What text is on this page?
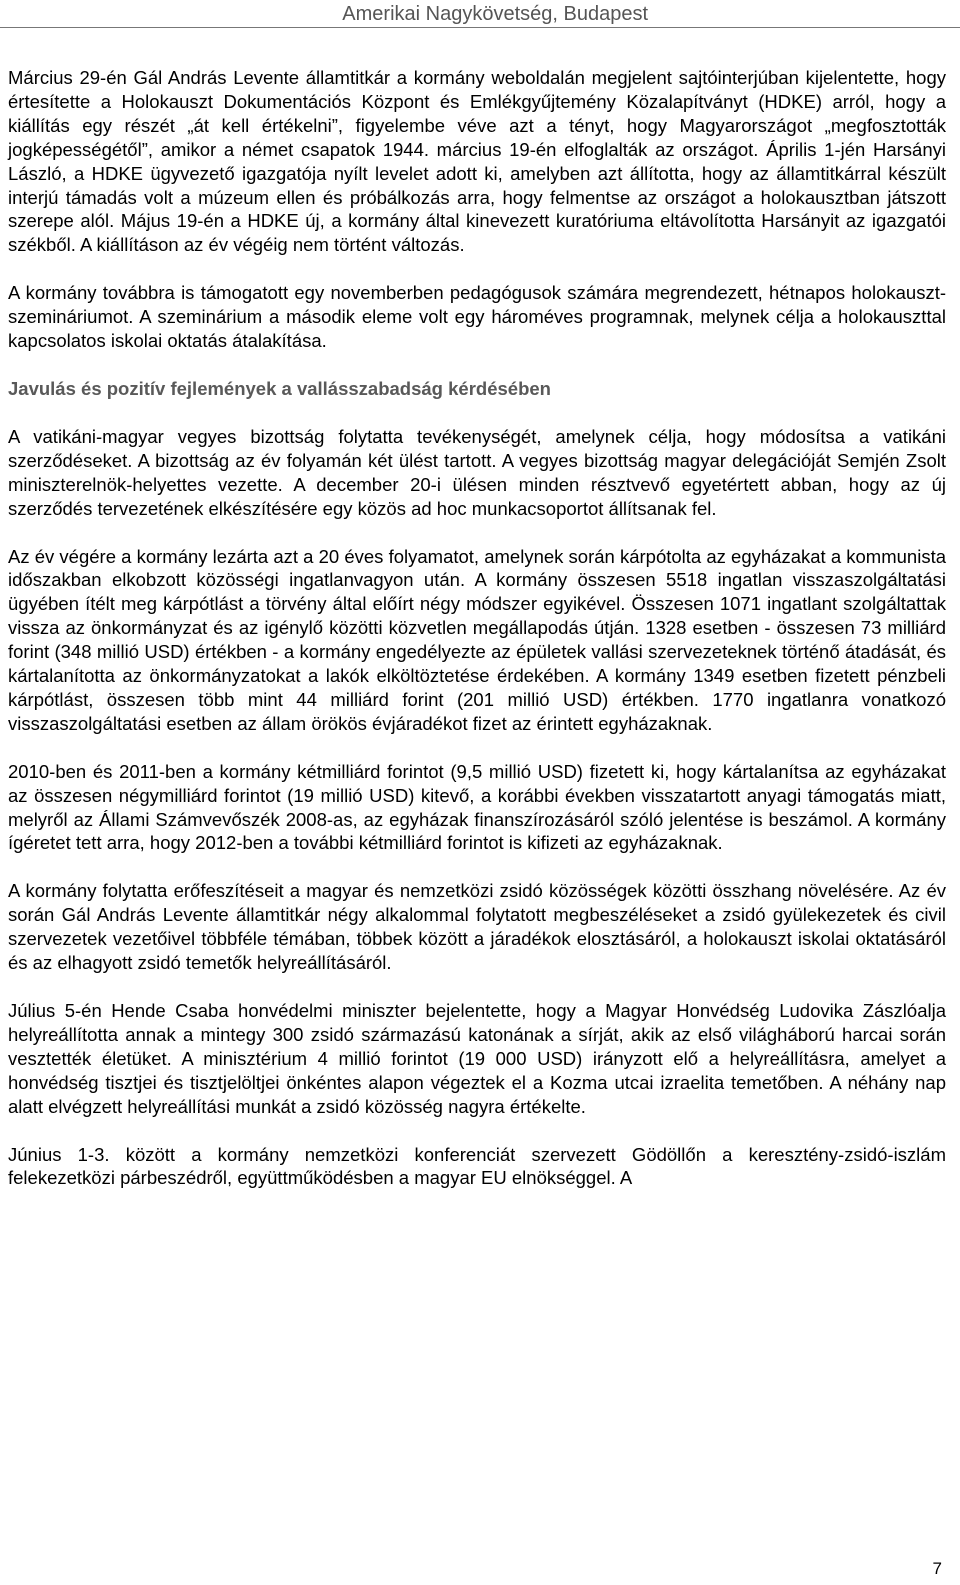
Amerikai Nagykövetség, Budapest

Március 29-én Gál András Levente államtitkár a kormány weboldalán megjelent sajtóinterjúban kijelentette, hogy értesítette a Holokauszt Dokumentációs Központ és Emlékgyűjtemény Közalapítványt (HDKE) arról, hogy a kiállítás egy részét „át kell értékelni”, figyelembe véve azt a tényt, hogy Magyarországot „megfosztották jogképességétől”, amikor a német csapatok 1944. március 19-én elfoglalták az országot. Április 1-jén Harsányi László, a HDKE ügyvezető igazgatója nyílt levelet adott ki, amelyben azt állította, hogy az államtitkárral készült interjú támadás volt a múzeum ellen és próbálkozás arra, hogy felmentse az országot a holokausztban játszott szerepe alól. Május 19-én a HDKE új, a kormány által kinevezett kuratóriuma eltávolította Harsányit az igazgatói székből. A kiállításon az év végéig nem történt változás.

A kormány továbbra is támogatott egy novemberben pedagógusok számára megrendezett, hétnapos holokauszt-szemináriumot. A szeminárium a második eleme volt egy hároméves programnak, melynek célja a holokauszttal kapcsolatos iskolai oktatás átalakítása.

Javulás és pozitív fejlemények a vallásszabadság kérdésében

A vatikáni-magyar vegyes bizottság folytatta tevékenységét, amelynek célja, hogy módosítsa a vatikáni szerződéseket. A bizottság az év folyamán két ülést tartott. A vegyes bizottság magyar delegációját Semjén Zsolt miniszterelnök-helyettes vezette. A december 20-i ülésen minden résztvevő egyetértett abban, hogy az új szerződés tervezetének elkészítésére egy közös ad hoc munkacsoportot állítsanak fel.

Az év végére a kormány lezárta azt a 20 éves folyamatot, amelynek során kárpótolta az egyházakat a kommunista időszakban elkobzott közösségi ingatlanvagyon után. A kormány összesen 5518 ingatlan visszaszolgáltatási ügyében ítélt meg kárpótlást a törvény által előírt négy módszer egyikével. Összesen 1071 ingatlant szolgáltattak vissza az önkormányzat és az igénylő közötti közvetlen megállapodás útján. 1328 esetben - összesen 73 milliárd forint (348 millió USD) értékben - a kormány engedélyezte az épületek vallási szervezeteknek történő átadását, és kártalanította az önkormányzatokat a lakók elköltöztetése érdekében. A kormány 1349 esetben fizetett pénzbeli kárpótlást, összesen több mint 44 milliárd forint (201 millió USD) értékben. 1770 ingatlanra vonatkozó visszaszolgáltatási esetben az állam örökös évjáradékot fizet az érintett egyházaknak.

2010-ben és 2011-ben a kormány kétmilliárd forintot (9,5 millió USD) fizetett ki, hogy kártalanítsa az egyházakat az összesen négymilliárd forintot (19 millió USD) kitevő, a korábbi években visszatartott anyagi támogatás miatt, melyről az Állami Számvevőszék 2008-as, az egyházak finanszírozásáról szóló jelentése is beszámol. A kormány ígéretet tett arra, hogy 2012-ben a további kétmilliárd forintot is kifizeti az egyházaknak.

A kormány folytatta erőfeszítéseit a magyar és nemzetközi zsidó közösségek közötti összhang növelésére. Az év során Gál András Levente államtitkár négy alkalommal folytatott megbeszéléseket a zsidó gyülekezetek és civil szervezetek vezetőivel többféle témában, többek között a járadékok elosztásáról, a holokauszt iskolai oktatásáról és az elhagyott zsidó temetők helyreállításáról.

Július 5-én Hende Csaba honvédelmi miniszter bejelentette, hogy a Magyar Honvédség Ludovika Zászlóalja helyreállította annak a mintegy 300 zsidó származású katonának a sírját, akik az első világháború harcai során vesztették életüket. A minisztérium 4 millió forintot (19 000 USD) irányzott elő a helyreállításra, amelyet a honvédség tisztjei és tisztjelöltjei önkéntes alapon végeztek el a Kozma utcai izraelita temetőben. A néhány nap alatt elvégzett helyreállítási munkát a zsidó közösség nagyra értékelte.

Június 1-3. között a kormány nemzetközi konferenciát szervezett Gödöllőn a keresztény-zsidó-iszlám felekezetközi párbeszédről, együttműködésben a magyar EU elnökséggel. A

7
